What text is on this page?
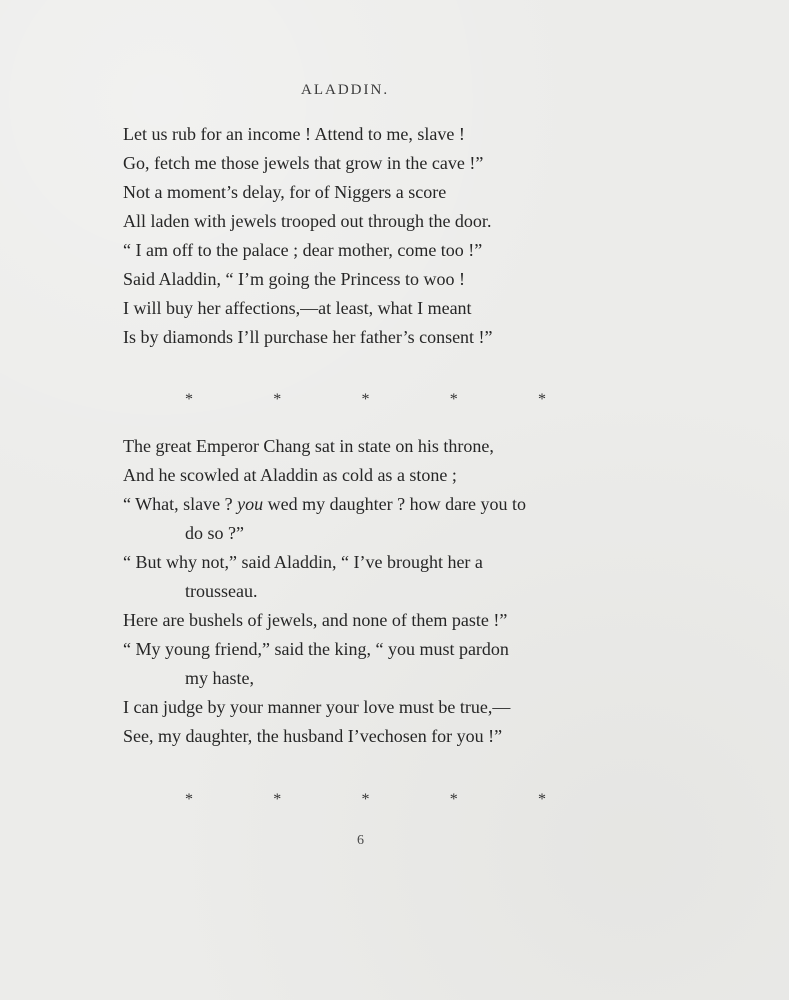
ALADDIN.
Let us rub for an income ! Attend to me, slave !
Go, fetch me those jewels that grow in the cave !”
Not a moment’s delay, for of Niggers a score
All laden with jewels trooped out through the door.
“ I am off to the palace ; dear mother, come too !”
Said Aladdin, “ I’m going the Princess to woo !
I will buy her affections,—at least, what I meant
Is by diamonds I’ll purchase her father’s consent !”
*	*	*	*	*
The great Emperor Chang sat in state on his throne,
And he scowled at Aladdin as cold as a stone ;
“ What, slave ? you wed my daughter ? how dare you to
do so ?”
“ But why not,” said Aladdin, “ I’ve brought her a
trousseau.
Here are bushels of jewels, and none of them paste !”
“ My young friend,” said the king, “ you must pardon
my haste,
I can judge by your manner your love must be true,—
See, my daughter, the husband I’vechosen for you !”
*	*	*	*	*
6
